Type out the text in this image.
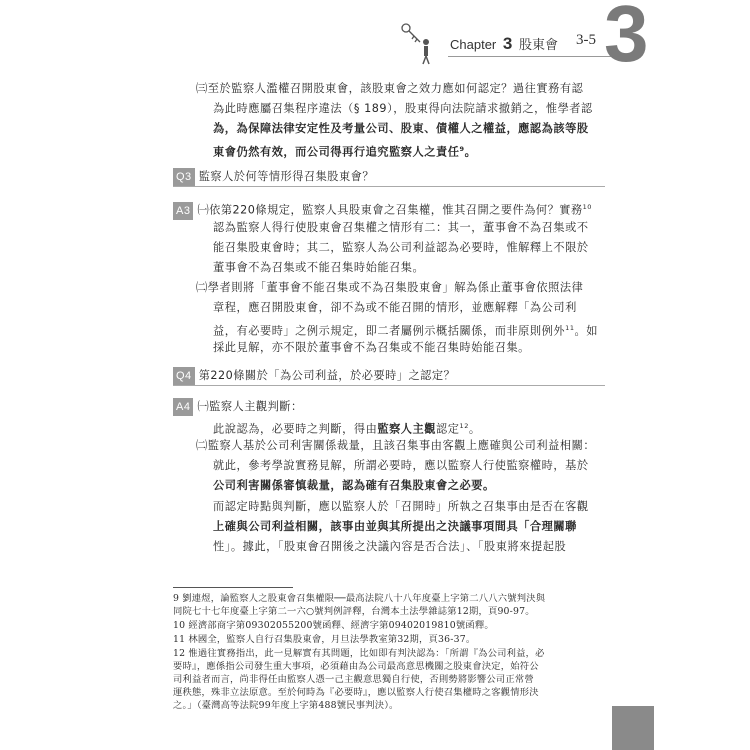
Chapter 3 股東會 3-5 3
㈢至於監察人濫權召開股東會，該股東會之效力應如何認定？過往實務有認
為此時應屬召集程序違法（§ 189），股東得向法院請求撤銷之，惟學者認
為，為保障法律安定性及考量公司、股東、債權人之權益，應認為該等股
東會仍然有效，而公司得再行追究監察人之責任$^9$。
Q3 監察人於何等情形得召集股東會？
A3 ㈠依第220條規定，監察人具股東會之召集權，惟其召開之要件為何？實務$^{10}$
認為監察人得行使股東會召集權之情形有二：其一，董事會不為召集或不
能召集股東會時；其二，監察人為公司利益認為必要時，惟解釋上不限於
董事會不為召集或不能召集時始能召集。
㈡學者則將「董事會不能召集或不為召集股東會」解為係止董事會依照法律
章程，應召開股東會，卻不為或不能召開的情形，並應解釋「為公司利
益，有必要時」之例示規定，即二者屬例示概括關係，而非原則例外$^{11}$。如
採此見解，亦不限於董事會不為召集或不能召集時始能召集。
Q4 第220條關於「為公司利益，於必要時」之認定？
A4 ㈠監察人主觀判斷：
此說認為，必要時之判斷，得由監察人主觀認定$^{12}$。
㈡監察人基於公司利害關係裁量，且該召集事由客觀上應確與公司利益相關：
就此，參考學說實務見解，所謂必要時，應以監察人行使監察權時，基於
公司利害關係審慎裁量，認為確有召集股東會之必要。
而認定時點與判斷，應以監察人於「召開時」所執之召集事由是否在客觀
上確與公司利益相關，該事由並與其所提出之決議事項間具「合理關聯
性」。據此，「股東會召開後之決議內容是否合法」、「股東將來提起股
9 劉連煜，論監察人之股東會召集權限──最高法院八十八年度臺上字第二八八六號判決與
同院七十七年度臺上字第二一六○號判例評釋，台灣本土法學雜誌第12期，頁90-97。
10 經濟部商字第09302055200號函釋、經濟字第09402019810號函釋。
11 林國全，監察人自行召集股東會，月旦法學教室第32期，頁36-37。
12 惟過往實務指出，此一見解實有其問題，比如即有判決認為：「所謂『為公司利益，必
要時』，應係指公司發生重大事項，必須藉由為公司最高意思機關之股東會決定，始符公
司利益者而言，尚非得任由監察人憑一己主觀意思獨自行使，否則勢將影響公司正常營
運秩態，殊非立法原意。至於何時為『必要時』，應以監察人行使召集權時之客觀情形決
之。」（臺灣高等法院99年度上字第488號民事判決）。
